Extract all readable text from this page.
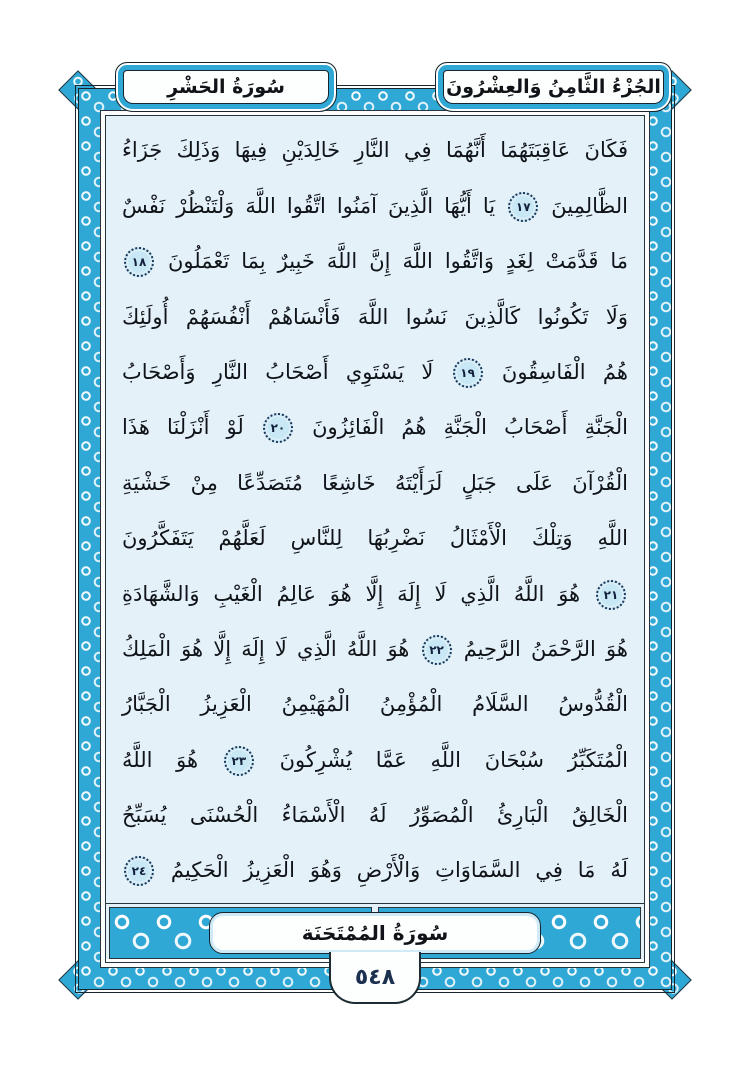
الجُزْءُ الثَّامِنُ وَالعِشْرُونَ
سُورَةُ الحَشْرِ
فَكَانَ عَاقِبَتَهُمَا أَنَّهُمَا فِي النَّارِ خَالِدَيْنِ فِيهَا وَذَلِكَ جَزَاءُ
الظَّالِمِينَ ١٧ يَا أَيُّهَا الَّذِينَ آمَنُوا اتَّقُوا اللَّهَ وَلْتَنْظُرْ نَفْسٌ
مَا قَدَّمَتْ لِغَدٍ وَاتَّقُوا اللَّهَ إِنَّ اللَّهَ خَبِيرٌ بِمَا تَعْمَلُونَ ١٨
وَلَا تَكُونُوا كَالَّذِينَ نَسُوا اللَّهَ فَأَنْسَاهُمْ أَنْفُسَهُمْ أُولَئِكَ
هُمُ الْفَاسِقُونَ ١٩ لَا يَسْتَوِي أَصْحَابُ النَّارِ وَأَصْحَابُ
الْجَنَّةِ أَصْحَابُ الْجَنَّةِ هُمُ الْفَائِزُونَ ٢٠ لَوْ أَنْزَلْنَا هَذَا
الْقُرْآنَ عَلَى جَبَلٍ لَرَأَيْتَهُ خَاشِعًا مُتَصَدِّعًا مِنْ خَشْيَةِ
اللَّهِ وَتِلْكَ الْأَمْثَالُ نَضْرِبُهَا لِلنَّاسِ لَعَلَّهُمْ يَتَفَكَّرُونَ
٢١ هُوَ اللَّهُ الَّذِي لَا إِلَهَ إِلَّا هُوَ عَالِمُ الْغَيْبِ وَالشَّهَادَةِ
هُوَ الرَّحْمَنُ الرَّحِيمُ ٢٢ هُوَ اللَّهُ الَّذِي لَا إِلَهَ إِلَّا هُوَ الْمَلِكُ
الْقُدُّوسُ السَّلَامُ الْمُؤْمِنُ الْمُهَيْمِنُ الْعَزِيزُ الْجَبَّارُ
الْمُتَكَبِّرُ سُبْحَانَ اللَّهِ عَمَّا يُشْرِكُونَ ٢٣ هُوَ اللَّهُ
الْخَالِقُ الْبَارِئُ الْمُصَوِّرُ لَهُ الْأَسْمَاءُ الْحُسْنَى يُسَبِّحُ
لَهُ مَا فِي السَّمَاوَاتِ وَالْأَرْضِ وَهُوَ الْعَزِيزُ الْحَكِيمُ ٢٤
سُورَةُ المُمْتَحَنَة
٥٤٨
